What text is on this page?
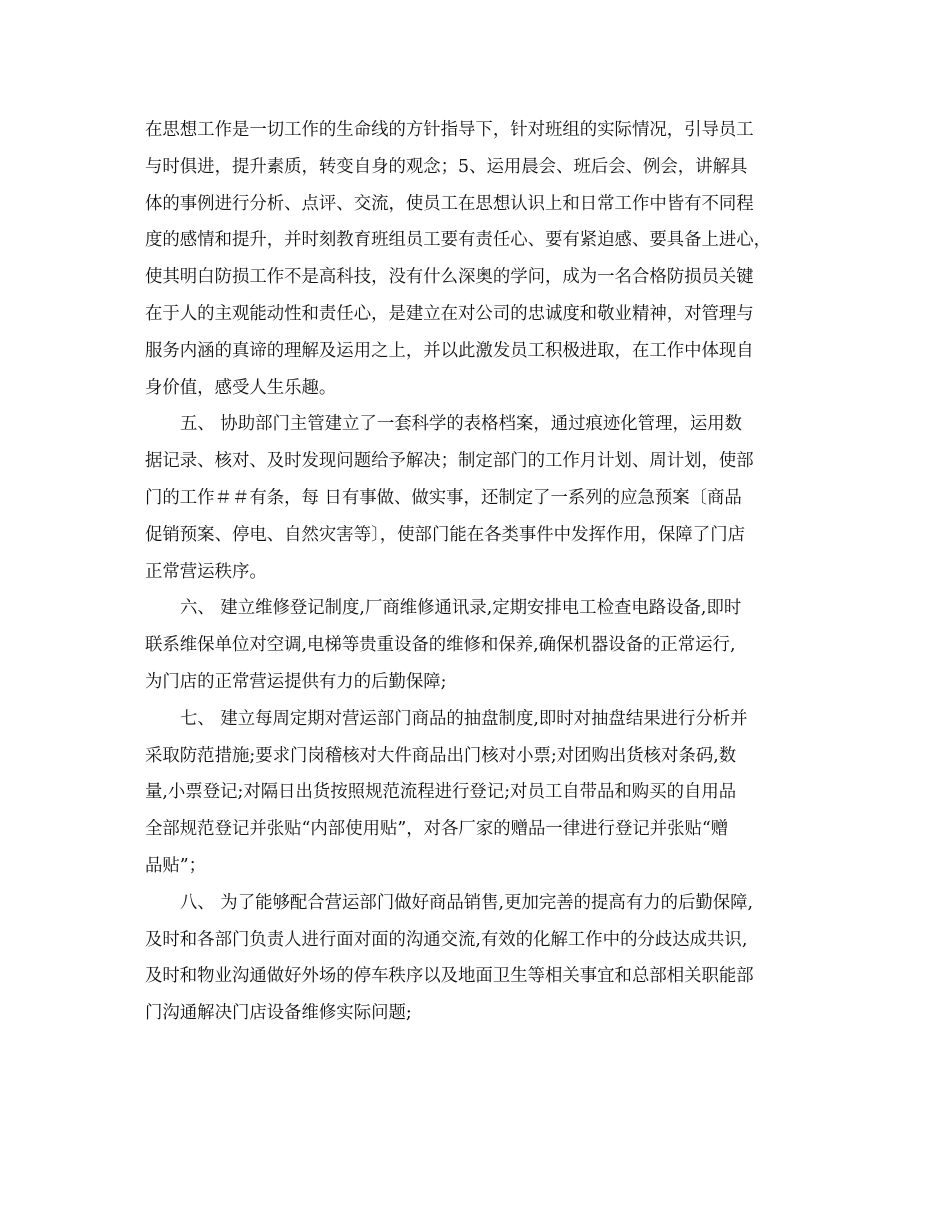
在思想工作是一切工作的生命线的方针指导下，针对班组的实际情况，引导员工
与时俱进，提升素质，转变自身的观念；5、运用晨会、班后会、例会，讲解具
体的事例进行分析、点评、交流，使员工在思想认识上和日常工作中皆有不同程
度的感情和提升，并时刻教育班组员工要有责任心、要有紧迫感、要具备上进心，
使其明白防损工作不是高科技，没有什么深奥的学问，成为一名合格防损员关键
在于人的主观能动性和责任心，是建立在对公司的忠诚度和敬业精神，对管理与
服务内涵的真谛的理解及运用之上，并以此激发员工积极进取，在工作中体现自
身价值，感受人生乐趣。
五、 协助部门主管建立了一套科学的表格档案，通过痕迹化管理，运用数
据记录、核对、及时发现问题给予解决；制定部门的工作月计划、周计划，使部
门的工作＃＃有条，每 日有事做、做实事，还制定了一系列的应急预案〔商品
促销预案、停电、自然灾害等〕，使部门能在各类事件中发挥作用，保障了门店
正常营运秩序。
六、 建立维修登记制度,厂商维修通讯录,定期安排电工检查电路设备,即时
联系维保单位对空调,电梯等贵重设备的维修和保养,确保机器设备的正常运行,
为门店的正常营运提供有力的后勤保障;
七、 建立每周定期对营运部门商品的抽盘制度,即时对抽盘结果进行分析并
采取防范措施;要求门岗稽核对大件商品出门核对小票;对团购出货核对条码,数
量,小票登记;对隔日出货按照规范流程进行登记;对员工自带品和购买的自用品
全部规范登记并张贴“内部使用贴”，对各厂家的赠品一律进行登记并张贴“赠
品贴”；
八、 为了能够配合营运部门做好商品销售,更加完善的提高有力的后勤保障,
及时和各部门负责人进行面对面的沟通交流,有效的化解工作中的分歧达成共识,
及时和物业沟通做好外场的停车秩序以及地面卫生等相关事宜和总部相关职能部
门沟通解决门店设备维修实际问题;
